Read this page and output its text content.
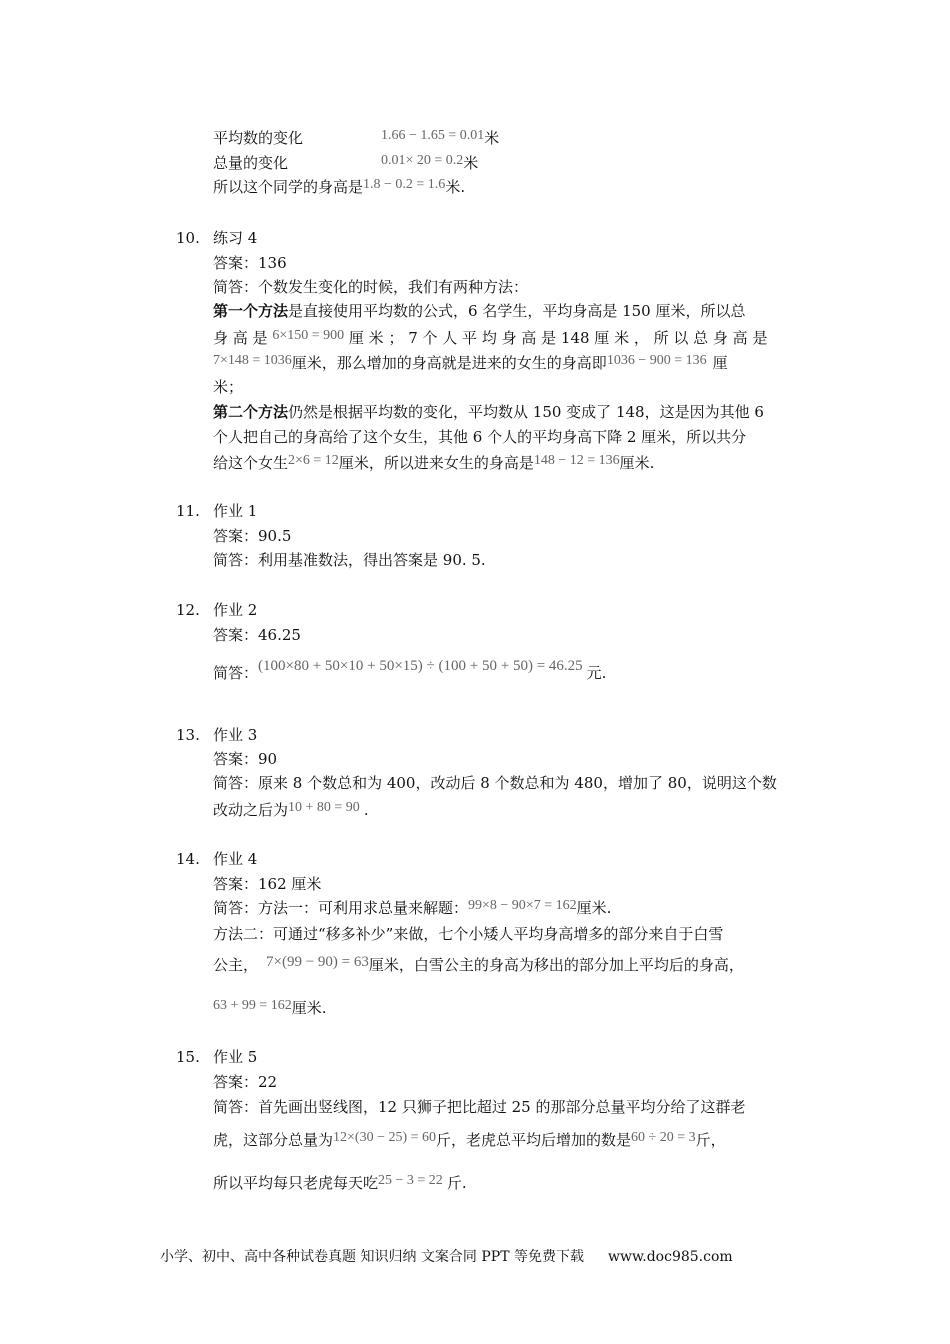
平均数的变化	1.66 − 1.65 = 0.01米
总量的变化	0.01× 20 = 0.2米
所以这个同学的身高是1.8 − 0.2 = 1.6米.
10. 练习 4
答案：136
简答：个数发生变化的时候，我们有两种方法：
第一个方法是直接使用平均数的公式，6 名学生，平均身高是 150 厘米，所以总
身 高 是 6×150 = 900 厘 米 ； 7 个 人 平 均 身 高 是 148 厘 米 ， 所 以 总 身 高 是
7×148 = 1036厘米，那么增加的身高就是进来的女生的身高即1036 − 900 = 136 厘
米；
第二个方法仍然是根据平均数的变化，平均数从 150 变成了 148，这是因为其他 6
个人把自己的身高给了这个女生，其他 6 个人的平均身高下降 2 厘米，所以共分
给这个女生2×6 = 12厘米，所以进来女生的身高是148 − 12 = 136厘米.
11. 作业 1
答案：90.5
简答：利用基准数法，得出答案是 90. 5.
12. 作业 2
答案：46.25
简答：(100×80 + 50×10 + 50×15) ÷ (100 + 50 + 50) = 46.25 元.
13. 作业 3
答案：90
简答：原来 8 个数总和为 400，改动后 8 个数总和为 480，增加了 80，说明这个数
改动之后为10 + 80 = 90 .
14. 作业 4
答案：162 厘米
简答：方法一：可利用求总量来解题：99×8 − 90×7 = 162厘米.
方法二：可通过“移多补少”来做，七个小矮人平均身高增多的部分来自于白雪
公主， 7×(99 − 90) = 63厘米，白雪公主的身高为移出的部分加上平均后的身高，
63 + 99 = 162厘米.
15. 作业 5
答案：22
简答：首先画出竖线图，12 只狮子把比超过 25 的那部分总量平均分给了这群老
虎，这部分总量为12×(30 − 25) = 60斤，老虎总平均后增加的数是60 ÷ 20 = 3斤，
所以平均每只老虎每天吃25 − 3 = 22 斤.
小学、初中、高中各种试卷真题 知识归纳 文案合同 PPT 等免费下载 www.doc985.com
